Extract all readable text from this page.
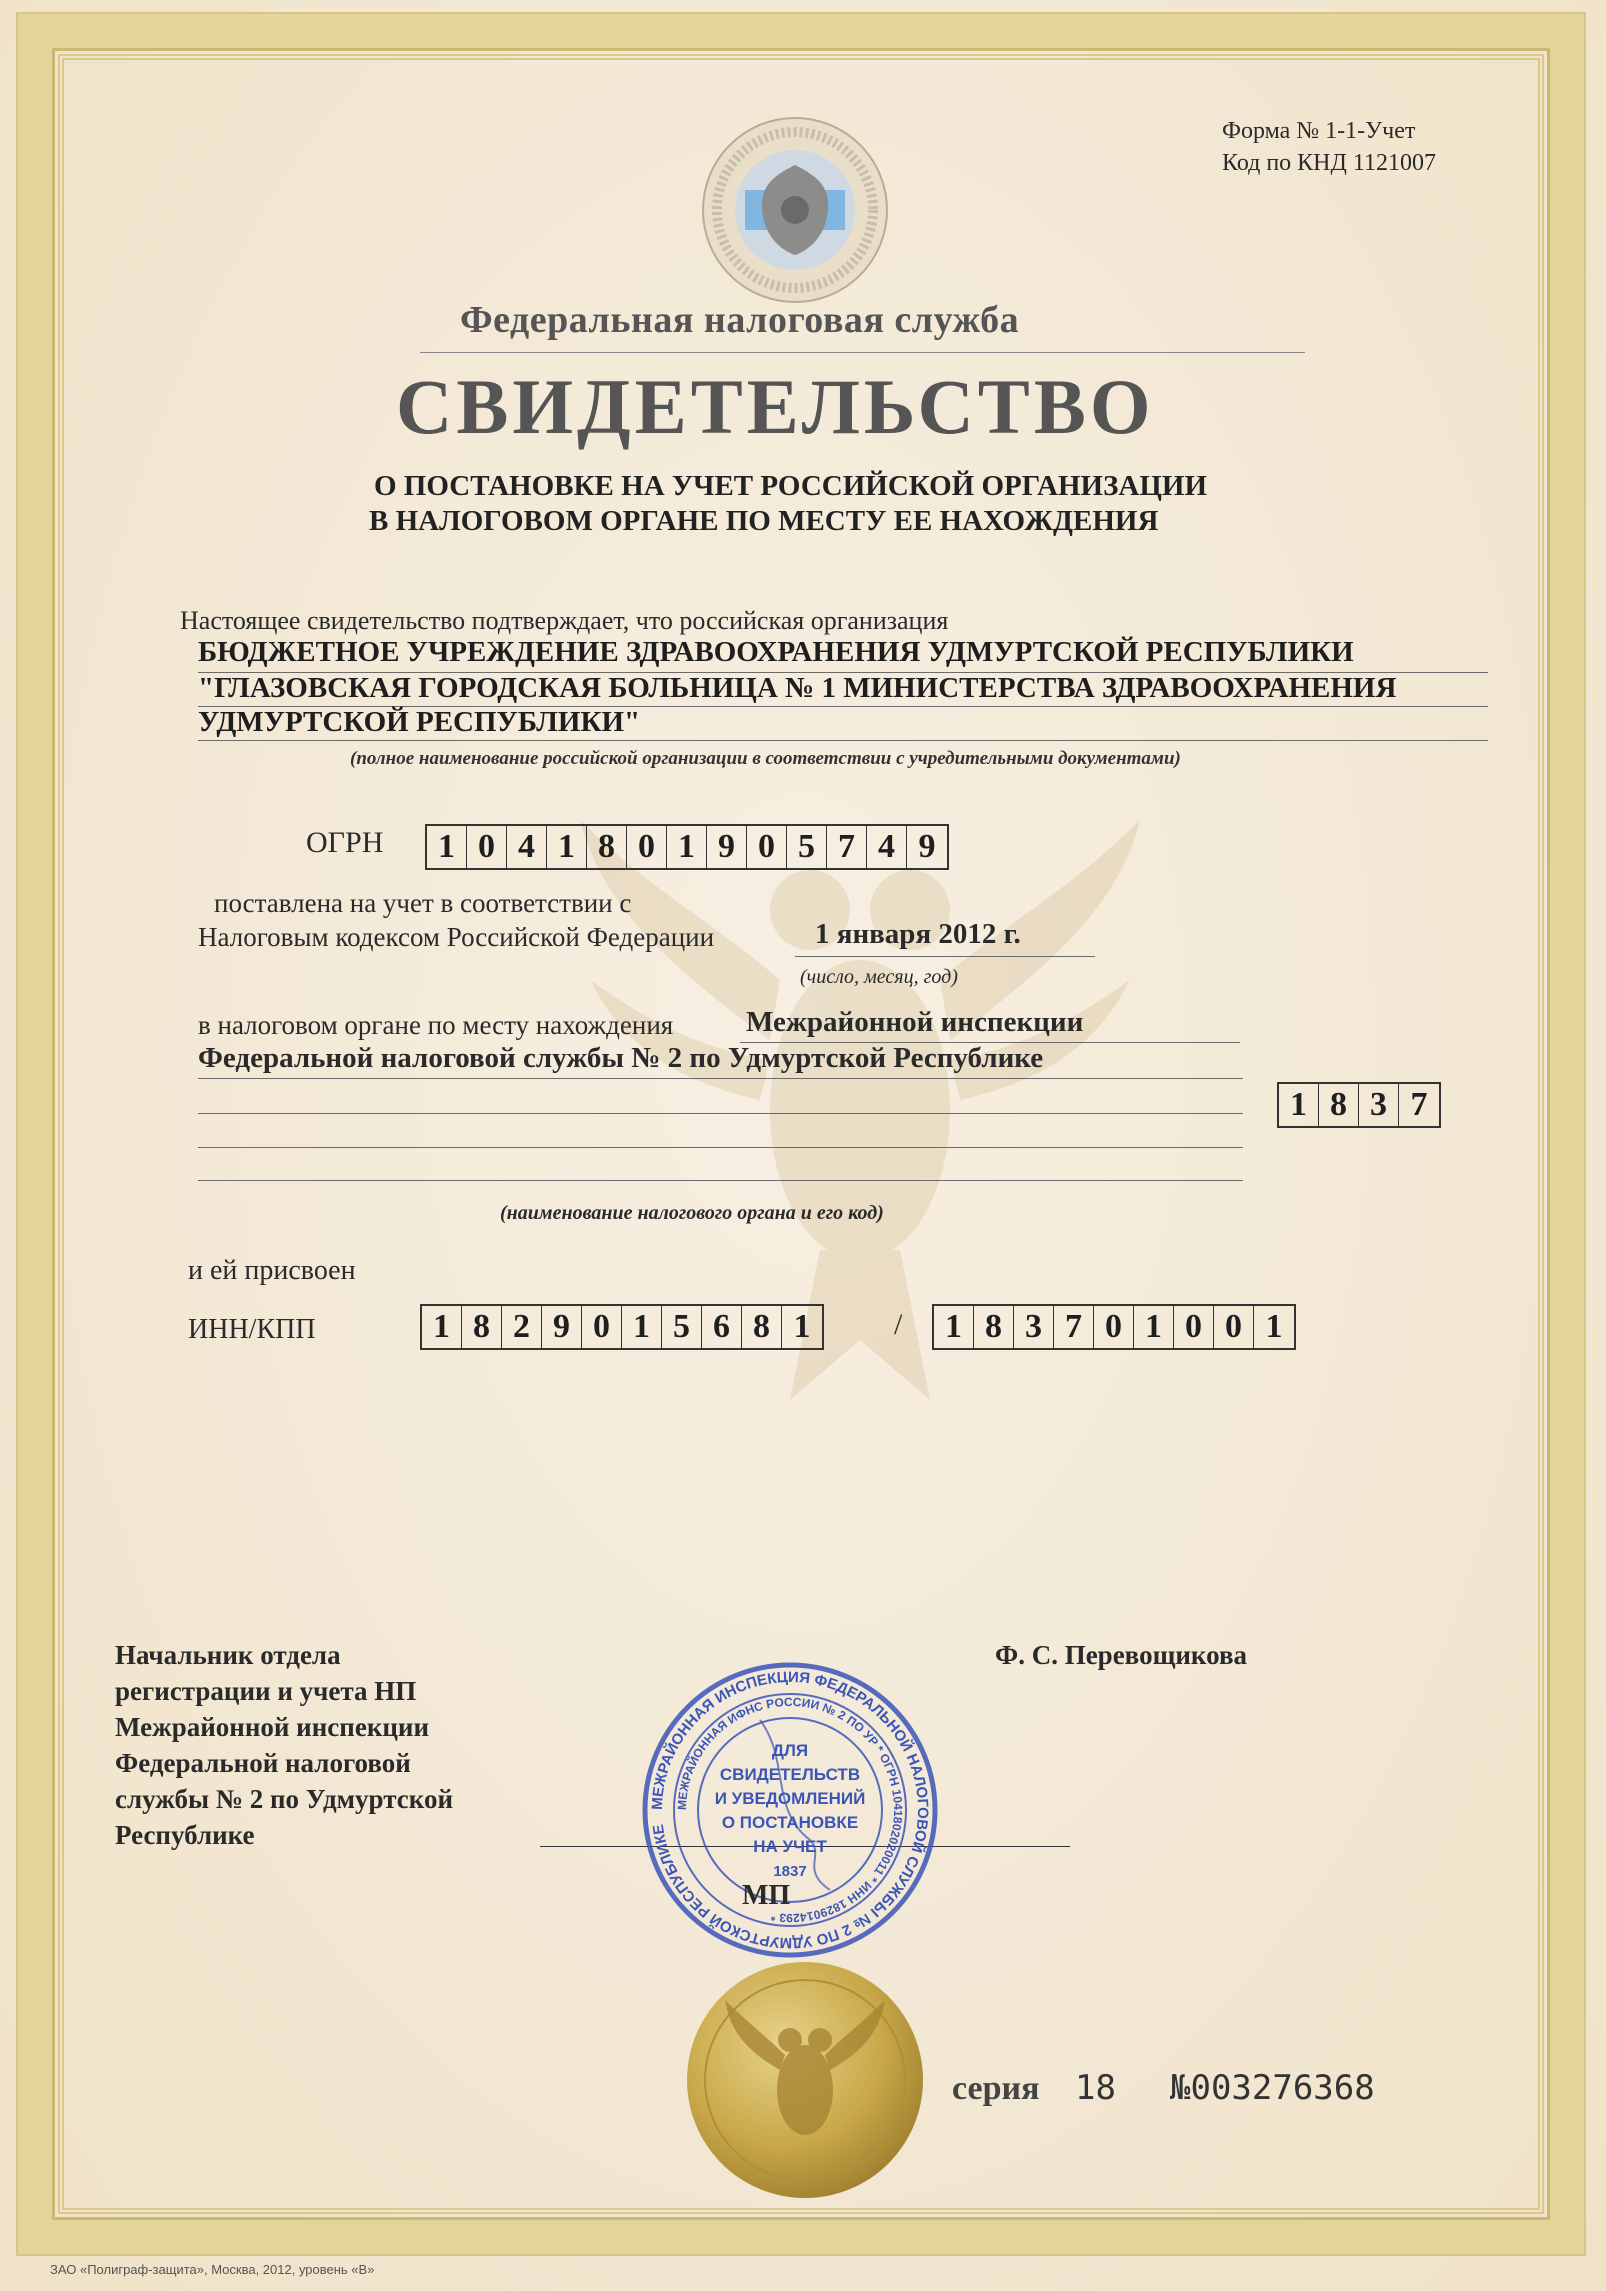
Форма № 1-1-Учет
Код по КНД 1121007
Федеральная налоговая служба
СВИДЕТЕЛЬСТВО
О ПОСТАНОВКЕ НА УЧЕТ РОССИЙСКОЙ ОРГАНИЗАЦИИ
В НАЛОГОВОМ ОРГАНЕ ПО МЕСТУ ЕЕ НАХОЖДЕНИЯ
Настоящее свидетельство подтверждает, что российская организация
БЮДЖЕТНОЕ УЧРЕЖДЕНИЕ ЗДРАВООХРАНЕНИЯ УДМУРТСКОЙ РЕСПУБЛИКИ
"ГЛАЗОВСКАЯ ГОРОДСКАЯ БОЛЬНИЦА № 1 МИНИСТЕРСТВА ЗДРАВООХРАНЕНИЯ
УДМУРТСКОЙ РЕСПУБЛИКИ"
(полное наименование российской организации в соответствии с учредительными документами)
ОГРН	1 0 4 1 8 0 1 9 0 5 7 4 9
поставлена на учет в соответствии с
Налоговым кодексом Российской Федерации	1 января 2012 г.
(число, месяц, год)
в налоговом органе по месту нахождения	Межрайонной инспекции
Федеральной налоговой службы № 2 по Удмуртской Республике
1 8 3 7
(наименование налогового органа и его код)
и ей присвоен
ИНН/КПП	1 8 2 9 0 1 5 6 8 1	/	1 8 3 7 0 1 0 0 1
Начальник отдела
регистрации и учета НП
Межрайонной инспекции
Федеральной налоговой
службы № 2 по Удмуртской
Республике
Ф. С. Перевощикова
МЕЖРАЙОННАЯ ИНСПЕКЦИЯ ФЕДЕРАЛЬНОЙ НАЛОГОВОЙ СЛУЖБЫ № 2 ПО УДМУРТСКОЙ РЕСПУБЛИКЕ
МЕЖРАЙОННАЯ ИФНС РОССИИ № 2 ПО УР * ОГРН 1041802020011 * ИНН 1829014293 *
ДЛЯ
СВИДЕТЕЛЬСТВ
И УВЕДОМЛЕНИЙ
О ПОСТАНОВКЕ
НА УЧЕТ
1837
МП
серия 18 №003276368
ЗАО «Полиграф-защита», Москва, 2012, уровень «В»
